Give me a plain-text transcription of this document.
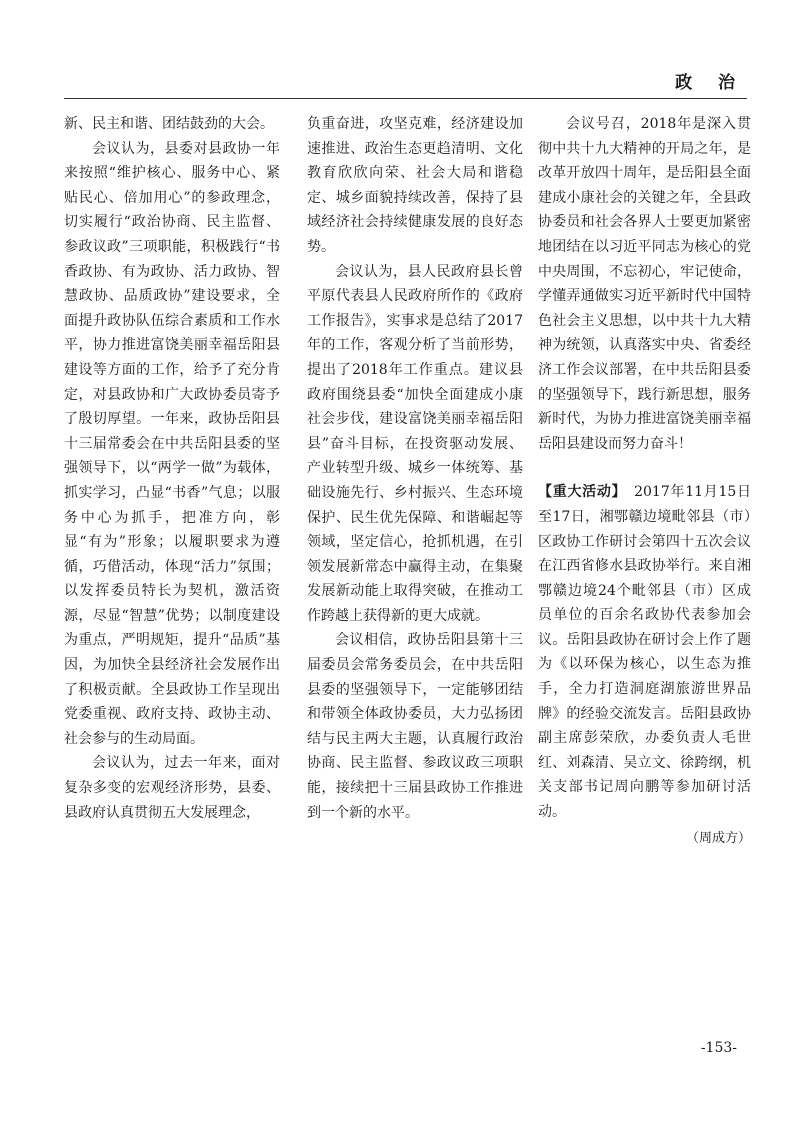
政 治

新、民主和谐、团结鼓劲的大会。

会议认为，县委对县政协一年来按照“维护核心、服务中心、紧贴民心、倍加用心”的参政理念，切实履行“政治协商、民主监督、参政议政”三项职能，积极践行“书香政协、有为政协、活力政协、智慧政协、品质政协”建设要求，全面提升政协队伍综合素质和工作水平，协力推进富饶美丽幸福岳阳县建设等方面的工作，给予了充分肯定，对县政协和广大政协委员寄予了殷切厚望。一年来，政协岳阳县十三届常委会在中共岳阳县委的坚强领导下，以“两学一做”为载体，抓实学习，凸显“书香”气息；以服务中心为抓手，把准方向，彰显“有为”形象；以履职要求为遵循，巧借活动，体现“活力”氛围；以发挥委员特长为契机，激活资源，尽显“智慧”优势；以制度建设为重点，严明规矩，提升“品质”基因，为加快全县经济社会发展作出了积极贡献。全县政协工作呈现出党委重视、政府支持、政协主动、社会参与的生动局面。

会议认为，过去一年来，面对复杂多变的宏观经济形势，县委、县政府认真贯彻五大发展理念，

负重奋进，攻坚克难，经济建设加速推进、政治生态更趋清明、文化教育欣欣向荣、社会大局和谐稳定、城乡面貌持续改善，保持了县域经济社会持续健康发展的良好态势。

会议认为，县人民政府县长曾平原代表县人民政府所作的《政府工作报告》，实事求是总结了2017年的工作，客观分析了当前形势，提出了2018年工作重点。建议县政府围绕县委“加快全面建成小康社会步伐，建设富饶美丽幸福岳阳县”奋斗目标，在投资驱动发展、产业转型升级、城乡一体统筹、基础设施先行、乡村振兴、生态环境保护、民生优先保障、和谐崛起等领域，坚定信心，抢抓机遇，在引领发展新常态中赢得主动，在集聚发展新动能上取得突破，在推动工作跨越上获得新的更大成就。

会议相信，政协岳阳县第十三届委员会常务委员会，在中共岳阳县委的坚强领导下，一定能够团结和带领全体政协委员，大力弘扬团结与民主两大主题，认真履行政治协商、民主监督、参政议政三项职能，接续把十三届县政协工作推进到一个新的水平。

会议号召，2018年是深入贯彻中共十九大精神的开局之年，是改革开放四十周年，是岳阳县全面建成小康社会的关键之年，全县政协委员和社会各界人士要更加紧密地团结在以习近平同志为核心的党中央周围，不忘初心，牢记使命，学懂弄通做实习近平新时代中国特色社会主义思想，以中共十九大精神为统领，认真落实中央、省委经济工作会议部署，在中共岳阳县委的坚强领导下，践行新思想，服务新时代，为协力推进富饶美丽幸福岳阳县建设而努力奋斗！

【重大活动】　 2017年11月15日至17日，湘鄂赣边境毗邻县（市）区政协工作研讨会第四十五次会议在江西省修水县政协举行。来自湘鄂赣边境24个毗邻县（市）区成员单位的百余名政协代表参加会议。岳阳县政协在研讨会上作了题为《以环保为核心，以生态为推手，全力打造洞庭湖旅游世界品牌》的经验交流发言。岳阳县政协副主席彭荣欣，办委负责人毛世红、刘森清、吴立文、徐跨纲，机关支部书记周向鹏等参加研讨活动。

（周成方）
-153-
